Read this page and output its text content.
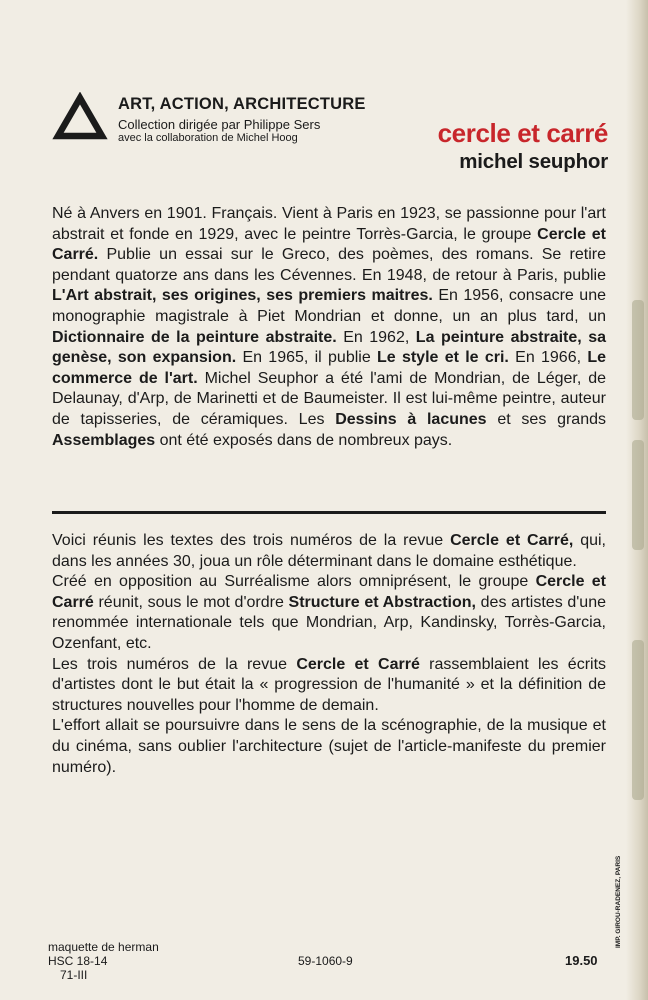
ART, ACTION, ARCHITECTURE
Collection dirigée par Philippe Sers
avec la collaboration de Michel Hoog	cercle et carré
michel seuphor
Né à Anvers en 1901. Français. Vient à Paris en 1923, se passionne pour l'art abstrait et fonde en 1929, avec le peintre Torrès-Garcia, le groupe Cercle et Carré. Publie un essai sur le Greco, des poèmes, des romans. Se retire pendant quatorze ans dans les Cévennes. En 1948, de retour à Paris, publie L'Art abstrait, ses origines, ses premiers maitres. En 1956, consacre une monographie magistrale à Piet Mondrian et donne, un an plus tard, un Dictionnaire de la peinture abstraite. En 1962, La peinture abstraite, sa genèse, son expansion. En 1965, il publie Le style et le cri. En 1966, Le commerce de l'art. Michel Seuphor a été l'ami de Mondrian, de Léger, de Delaunay, d'Arp, de Marinetti et de Baumeister. Il est lui-même peintre, auteur de tapisseries, de céramiques. Les Dessins à lacunes et ses grands Assemblages ont été exposés dans de nombreux pays.

Voici réunis les textes des trois numéros de la revue Cercle et Carré, qui, dans les années 30, joua un rôle déterminant dans le domaine esthétique.

Créé en opposition au Surréalisme alors omniprésent, le groupe Cercle et Carré réunit, sous le mot d'ordre Structure et Abstraction, des artistes d'une renommée internationale tels que Mondrian, Arp, Kandinsky, Torrès-Garcia, Ozenfant, etc.

Les trois numéros de la revue Cercle et Carré rassemblaient les écrits d'artistes dont le but était la « progression de l'humanité » et la définition de structures nouvelles pour l'homme de demain.

L'effort allait se poursuivre dans le sens de la scénographie, de la musique et du cinéma, sans oublier l'architecture (sujet de l'article-manifeste du premier numéro).

maquette de herman
HSC 18-14
71-III
59-1060-9	19.50
IMP. GIROU-RADENEZ, PARIS
